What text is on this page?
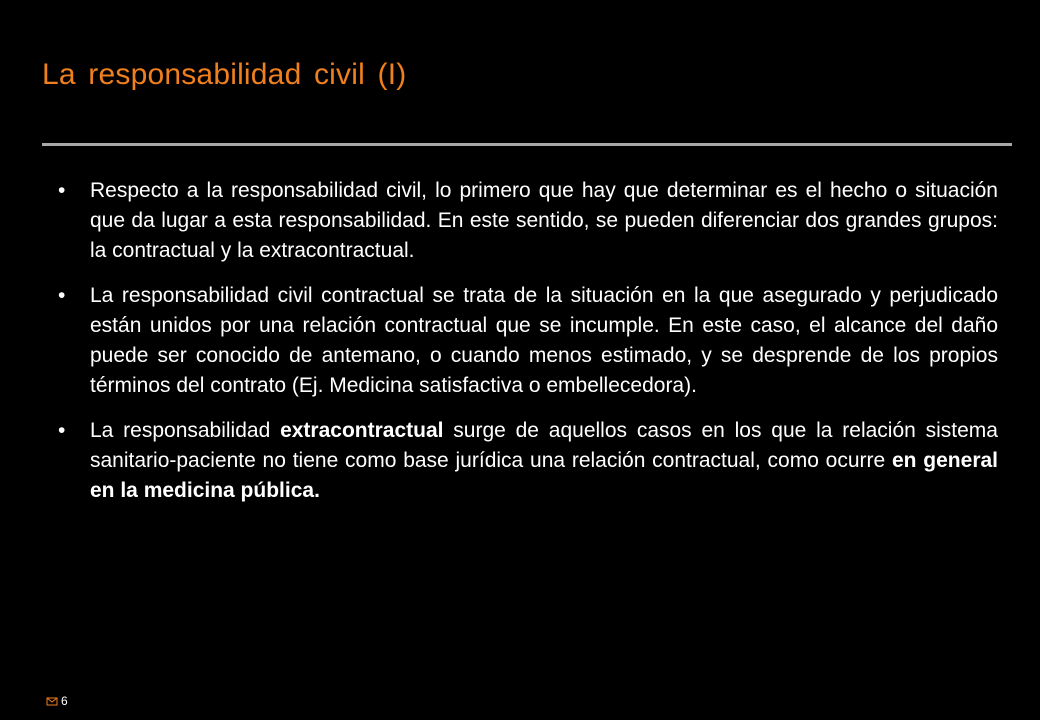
La responsabilidad civil (I)
•	Respecto a la responsabilidad civil, lo primero que hay que determinar es el hecho o situación que da lugar a esta responsabilidad. En este sentido, se pueden diferenciar dos grandes grupos: la contractual y la extracontractual.

•	La responsabilidad civil contractual se trata de la situación en la que asegurado y perjudicado están unidos por una relación contractual que se incumple. En este caso, el alcance del daño puede ser conocido de antemano, o cuando menos estimado, y se desprende de los propios términos del contrato (Ej. Medicina satisfactiva o embellecedora).

•	La responsabilidad extracontractual surge de aquellos casos en los que la relación sistema sanitario-paciente no tiene como base jurídica una relación contractual, como ocurre en general en la medicina pública.

6
